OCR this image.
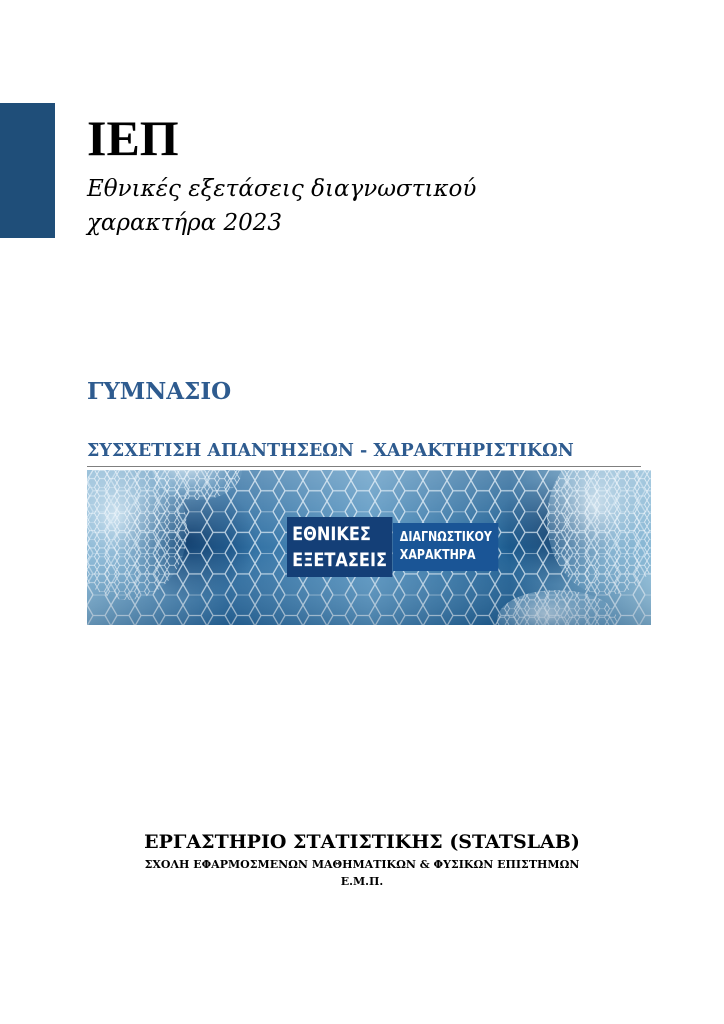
ΙΕΠ
Εθνικές εξετάσεις διαγνωστικού
χαρακτήρα 2023
ΓΥΜΝΑΣΙΟ
ΣΥΣΧΕΤΙΣΗ ΑΠΑΝΤΗΣΕΩΝ - ΧΑΡΑΚΤΗΡΙΣΤΙΚΩΝ
ΕΘΝΙΚΕΣ
ΕΞΕΤΑΣΕΙΣ
ΔΙΑΓΝΩΣΤΙΚΟΥ
ΧΑΡΑΚΤΗΡΑ
ΕΡΓΑΣΤΗΡΙΟ ΣΤΑΤΙΣΤΙΚΗΣ (STATSLAB)
ΣΧΟΛΗ ΕΦΑΡΜΟΣΜΕΝΩΝ ΜΑΘΗΜΑΤΙΚΩΝ & ΦΥΣΙΚΩΝ ΕΠΙΣΤΗΜΩΝ
Ε.Μ.Π.
